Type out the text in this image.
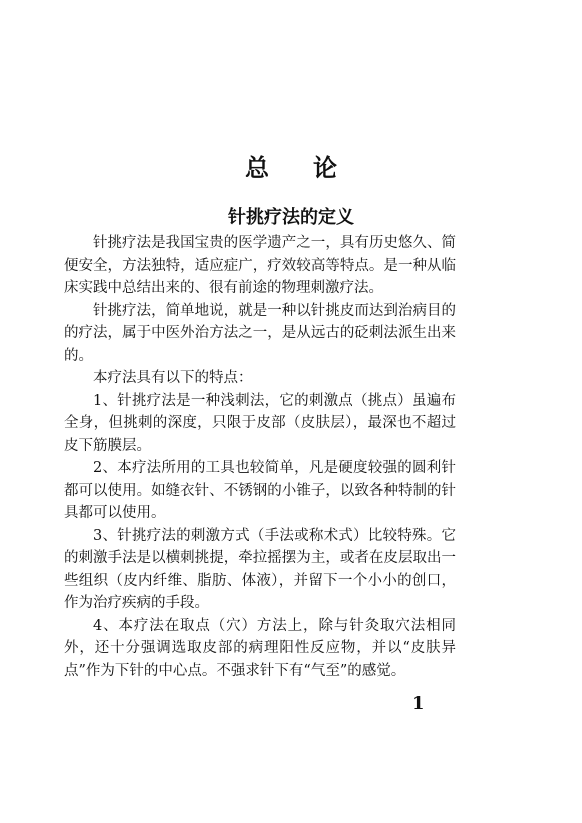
总 论
针挑疗法的定义

针挑疗法是我国宝贵的医学遗产之一，具有历史悠久、简便安全，方法独特，适应症广，疗效较高等特点。是一种从临床实践中总结出来的、很有前途的物理刺激疗法。

针挑疗法，简单地说，就是一种以针挑皮而达到治病目的的疗法，属于中医外治方法之一，是从远古的砭刺法派生出来的。

本疗法具有以下的特点：

1、针挑疗法是一种浅刺法，它的刺激点（挑点）虽遍布全身，但挑刺的深度，只限于皮部（皮肤层），最深也不超过皮下筋膜层。

2、本疗法所用的工具也较简单，凡是硬度较强的圆利针都可以使用。如缝衣针、不锈钢的小锥子，以致各种特制的针具都可以使用。

3、针挑疗法的刺激方式（手法或称术式）比较特殊。它的刺激手法是以横刺挑提，牵拉摇摆为主，或者在皮层取出一些组织（皮内纤维、脂肪、体液），并留下一个小小的创口，作为治疗疾病的手段。

4、本疗法在取点（穴）方法上，除与针灸取穴法相同外，还十分强调选取皮部的病理阳性反应物，并以“皮肤异点”作为下针的中心点。不强求针下有“气至”的感觉。

1
